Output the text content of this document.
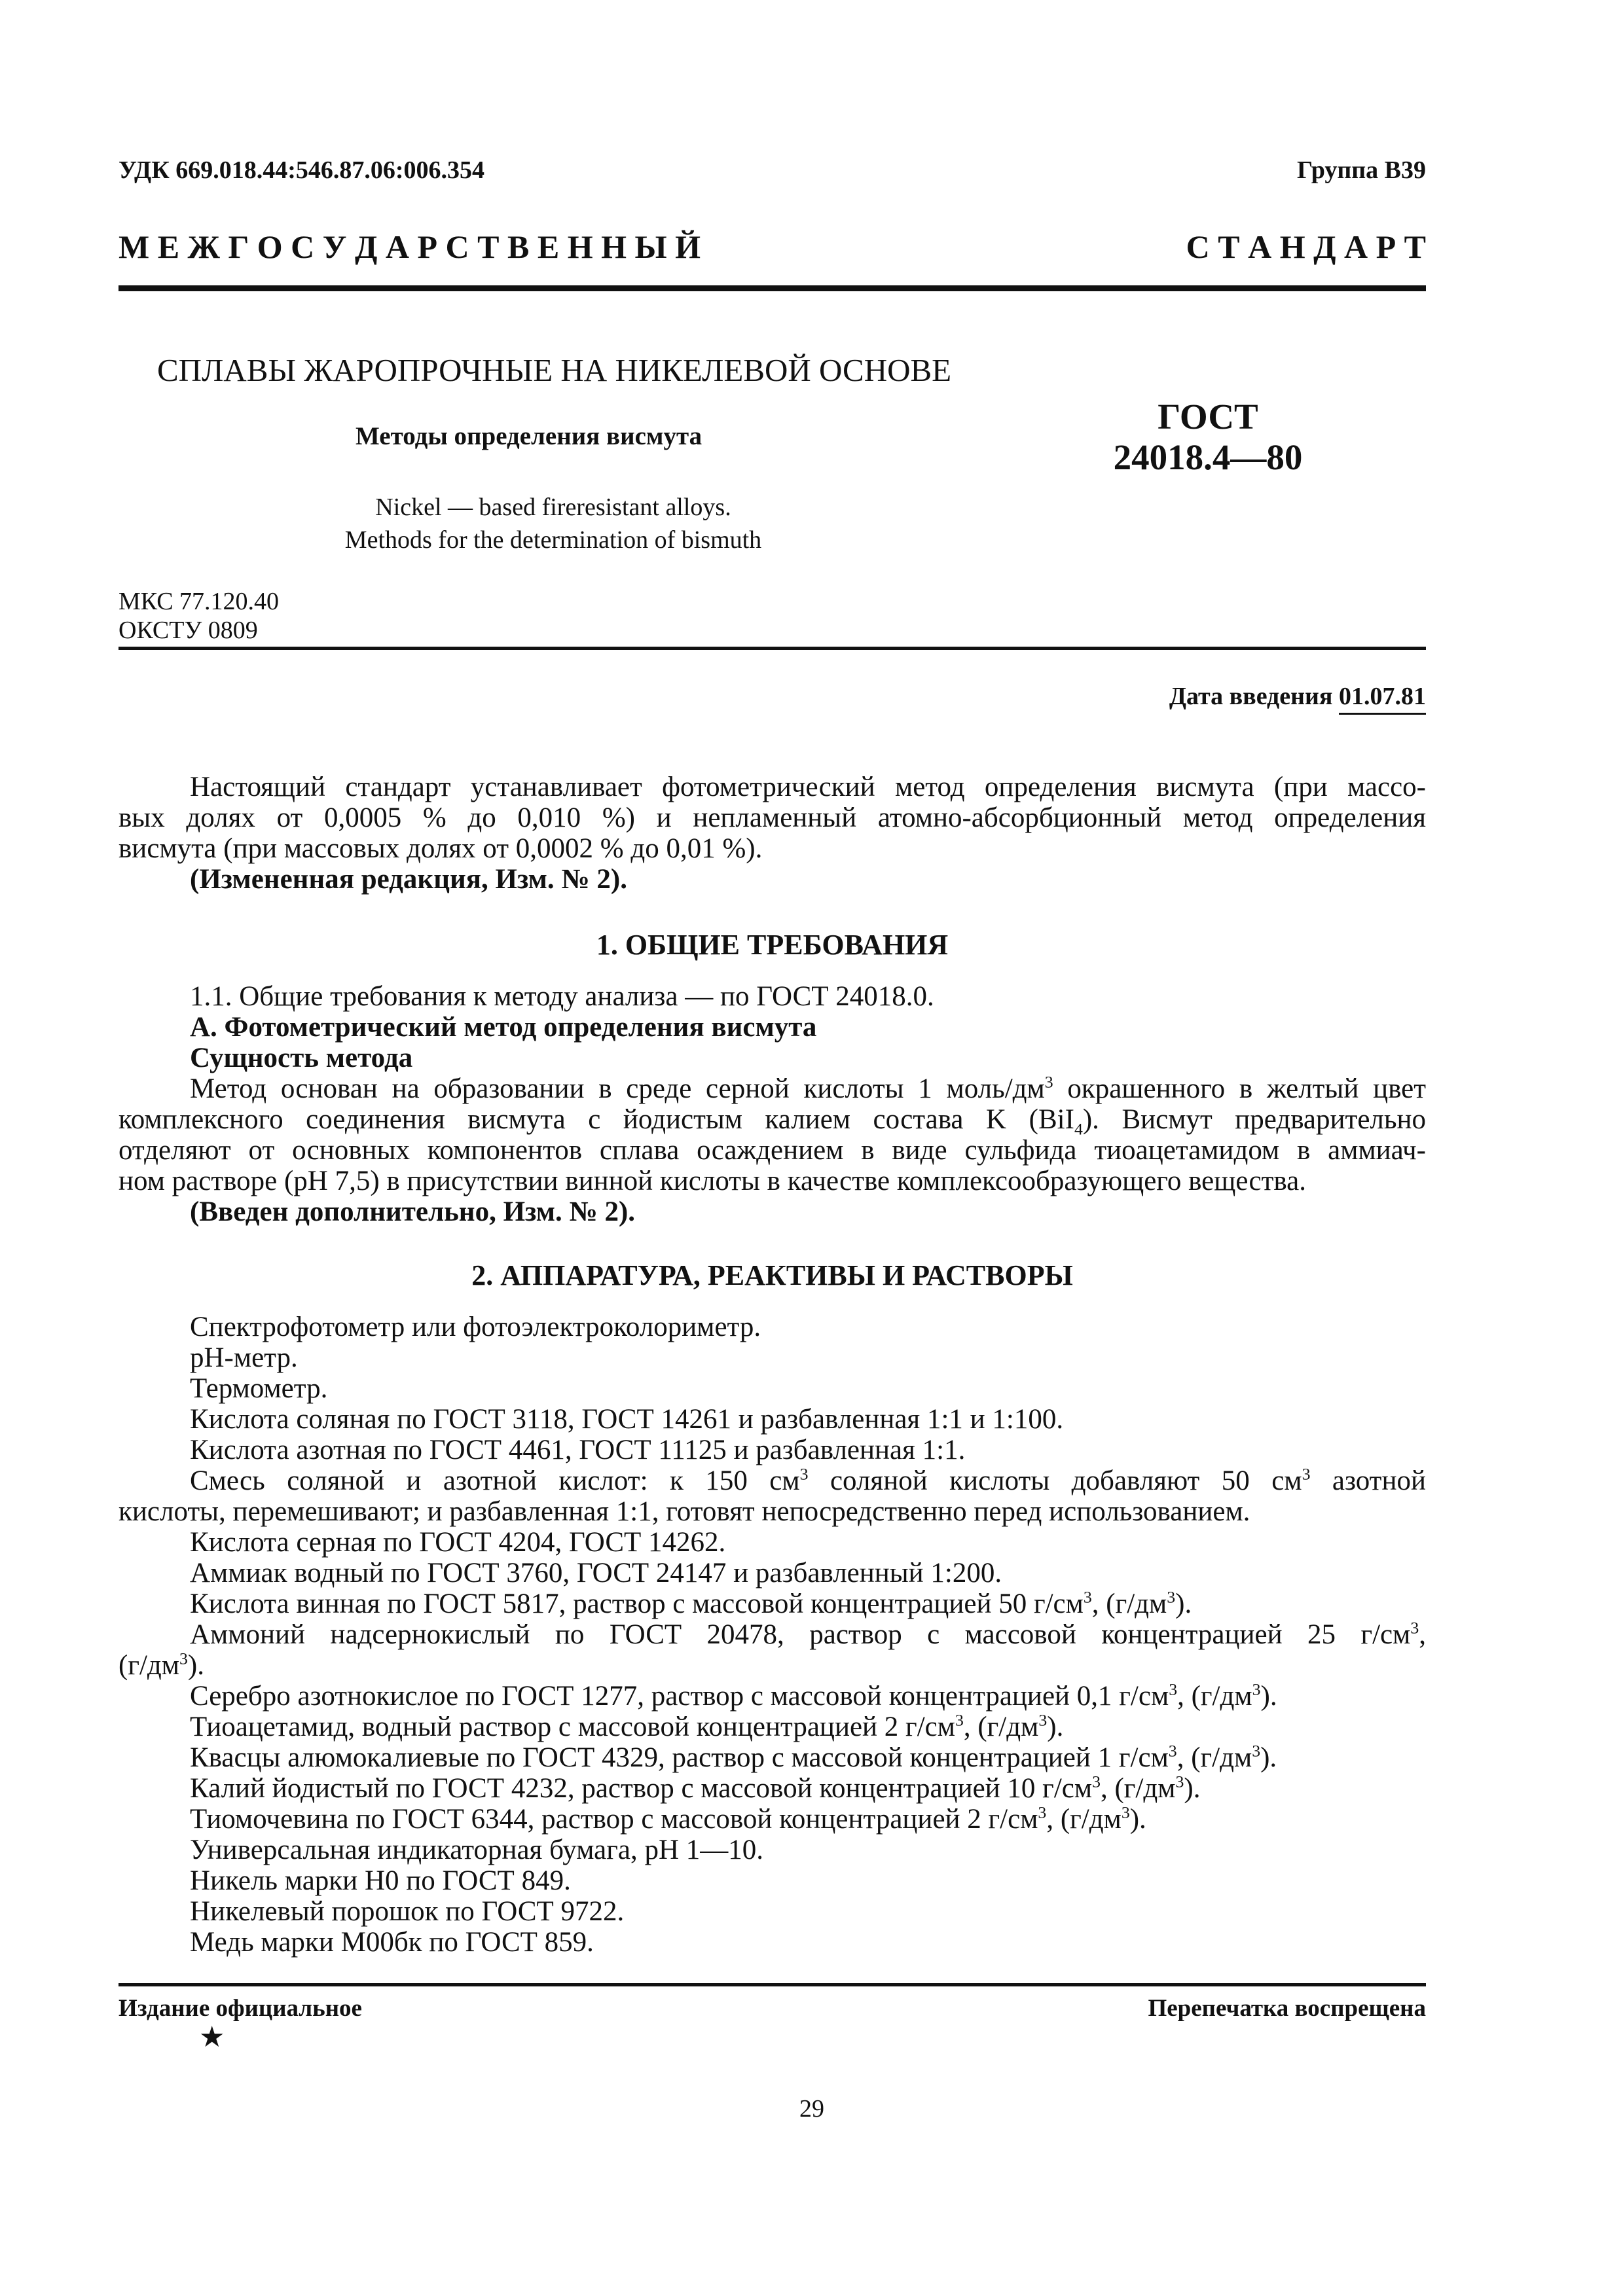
УДК 669.018.44:546.87.06:006.354	Группа В39
М Е Ж Г О С У Д А Р С Т В Е Н Н Ы Й	С Т А Н Д А Р Т
СПЛАВЫ ЖАРОПРОЧНЫЕ НА НИКЕЛЕВОЙ ОСНОВЕ
Методы определения висмута	ГОСТ
24018.4—80
Nickel — based fireresistant alloys.
Methods for the determination of bismuth
МКС 77.120.40
ОКСТУ 0809
Дата введения 01.07.81
Настоящий стандарт устанавливает фотометрический метод определения висмута (при массо-
вых долях от 0,0005 % до 0,010 %) и непламенный атомно-абсорбционный метод определения
висмута (при массовых долях от 0,0002 % до 0,01 %).
(Измененная редакция, Изм. № 2).
1. ОБЩИЕ ТРЕБОВАНИЯ
1.1. Общие требования к методу анализа — по ГОСТ 24018.0.
А. Фотометрический метод определения висмута
Сущность метода
Метод основан на образовании в среде серной кислоты 1 моль/$дм^3$ окрашенного в желтый цвет
комплексного соединения висмута с йодистым калием состава K (BiI$_4$). Висмут предварительно
отделяют от основных компонентов сплава осаждением в виде сульфида тиоацетамидом в аммиач-
ном растворе (рН 7,5) в присутствии винной кислоты в качестве комплексообразующего вещества.
(Введен дополнительно, Изм. № 2).
2. АППАРАТУРА, РЕАКТИВЫ И РАСТВОРЫ
Спектрофотометр или фотоэлектроколориметр.
рН-метр.
Термометр.
Кислота соляная по ГОСТ 3118, ГОСТ 14261 и разбавленная 1:1 и 1:100.
Кислота азотная по ГОСТ 4461, ГОСТ 11125 и разбавленная 1:1.
Смесь соляной и азотной кислот: к 150 $см^3$ соляной кислоты добавляют 50 $см^3$ азотной
кислоты, перемешивают; и разбавленная 1:1, готовят непосредственно перед использованием.
Кислота серная по ГОСТ 4204, ГОСТ 14262.
Аммиак водный по ГОСТ 3760, ГОСТ 24147 и разбавленный 1:200.
Кислота винная по ГОСТ 5817, раствор с массовой концентрацией 50 $г/см^3$, $(г/дм^3)$.
Аммоний надсернокислый по ГОСТ 20478, раствор с массовой концентрацией 25 $г/см^3$,
$(г/дм^3)$.
Серебро азотнокислое по ГОСТ 1277, раствор с массовой концентрацией 0,1 $г/см^3$, $(г/дм^3)$.
Тиоацетамид, водный раствор с массовой концентрацией 2 $г/см^3$, $(г/дм^3)$.
Квасцы алюмокалиевые по ГОСТ 4329, раствор с массовой концентрацией 1 $г/см^3$, $(г/дм^3)$.
Калий йодистый по ГОСТ 4232, раствор с массовой концентрацией 10 $г/см^3$, $(г/дм^3)$.
Тиомочевина по ГОСТ 6344, раствор с массовой концентрацией 2 $г/см^3$, $(г/дм^3)$.
Универсальная индикаторная бумага, рН 1—10.
Никель марки Н0 по ГОСТ 849.
Никелевый порошок по ГОСТ 9722.
Медь марки М00бк по ГОСТ 859.
Издание официальное	Перепечатка воспрещена
★
29
